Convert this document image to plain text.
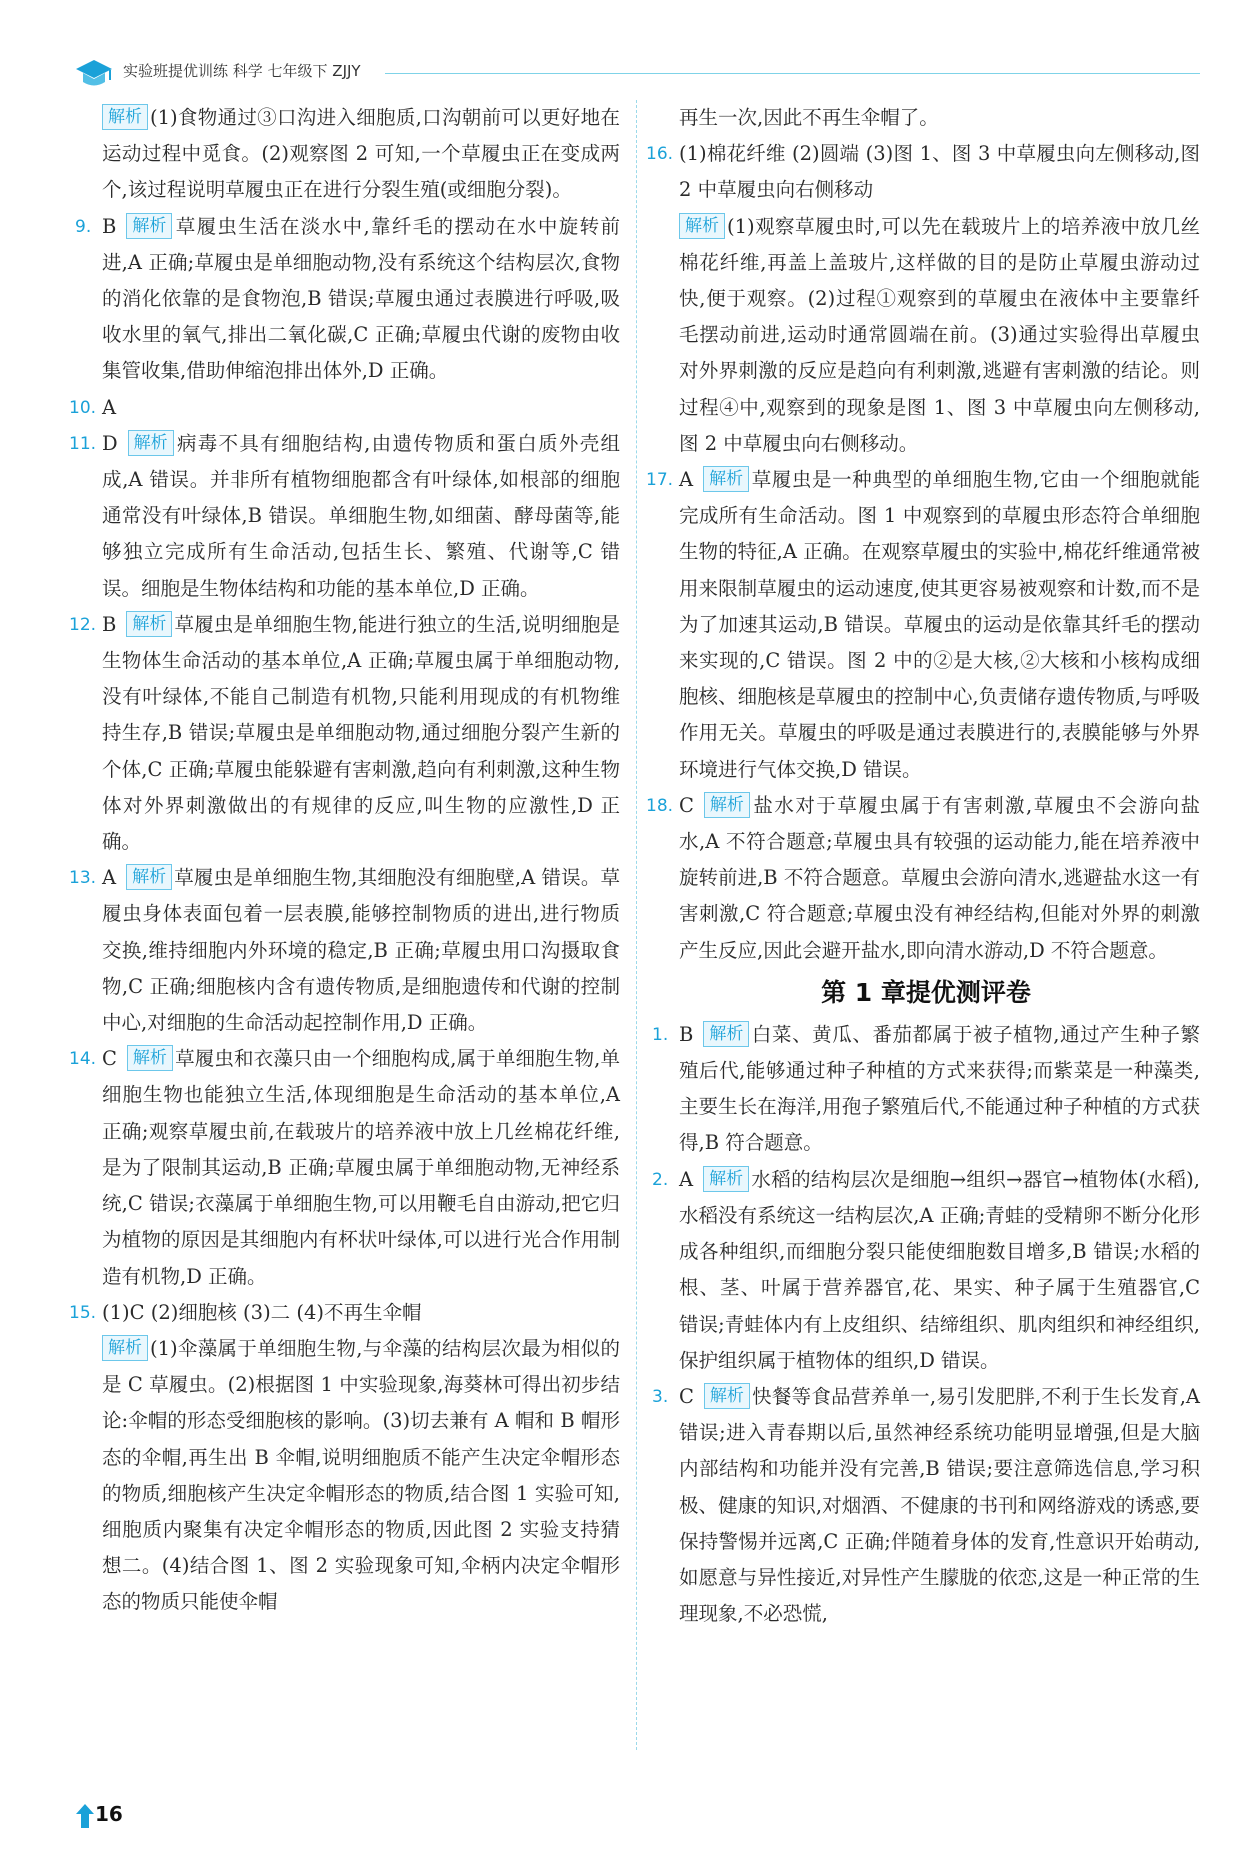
实验班提优训练 科学 七年级下 ZJJY

解析 (1)食物通过③口沟进入细胞质,口沟朝前可以更好地在运动过程中觅食。(2)观察图 2 可知,一个草履虫正在变成两个,该过程说明草履虫正在进行分裂生殖(或细胞分裂)。

9. B 解析 草履虫生活在淡水中,靠纤毛的摆动在水中旋转前进,A 正确;草履虫是单细胞动物,没有系统这个结构层次,食物的消化依靠的是食物泡,B 错误;草履虫通过表膜进行呼吸,吸收水里的氧气,排出二氧化碳,C 正确;草履虫代谢的废物由收集管收集,借助伸缩泡排出体外,D 正确。

10. A

11. D 解析 病毒不具有细胞结构,由遗传物质和蛋白质外壳组成,A 错误。并非所有植物细胞都含有叶绿体,如根部的细胞通常没有叶绿体,B 错误。单细胞生物,如细菌、酵母菌等,能够独立完成所有生命活动,包括生长、繁殖、代谢等,C 错误。细胞是生物体结构和功能的基本单位,D 正确。

12. B 解析 草履虫是单细胞生物,能进行独立的生活,说明细胞是生物体生命活动的基本单位,A 正确;草履虫属于单细胞动物,没有叶绿体,不能自己制造有机物,只能利用现成的有机物维持生存,B 错误;草履虫是单细胞动物,通过细胞分裂产生新的个体,C 正确;草履虫能躲避有害刺激,趋向有利刺激,这种生物体对外界刺激做出的有规律的反应,叫生物的应激性,D 正确。

13. A 解析 草履虫是单细胞生物,其细胞没有细胞壁,A 错误。草履虫身体表面包着一层表膜,能够控制物质的进出,进行物质交换,维持细胞内外环境的稳定,B 正确;草履虫用口沟摄取食物,C 正确;细胞核内含有遗传物质,是细胞遗传和代谢的控制中心,对细胞的生命活动起控制作用,D 正确。

14. C 解析 草履虫和衣藻只由一个细胞构成,属于单细胞生物,单细胞生物也能独立生活,体现细胞是生命活动的基本单位,A 正确;观察草履虫前,在载玻片的培养液中放上几丝棉花纤维,是为了限制其运动,B 正确;草履虫属于单细胞动物,无神经系统,C 错误;衣藻属于单细胞生物,可以用鞭毛自由游动,把它归为植物的原因是其细胞内有杯状叶绿体,可以进行光合作用制造有机物,D 正确。

15. (1)C (2)细胞核 (3)二 (4)不再生伞帽

解析 (1)伞藻属于单细胞生物,与伞藻的结构层次最为相似的是 C 草履虫。(2)根据图 1 中实验现象,海葵林可得出初步结论:伞帽的形态受细胞核的影响。(3)切去兼有 A 帽和 B 帽形态的伞帽,再生出 B 伞帽,说明细胞质不能产生决定伞帽形态的物质,细胞核产生决定伞帽形态的物质,结合图 1 实验可知,细胞质内聚集有决定伞帽形态的物质,因此图 2 实验支持猜想二。(4)结合图 1、图 2 实验现象可知,伞柄内决定伞帽形态的物质只能使伞帽

再生一次,因此不再生伞帽了。

16. (1)棉花纤维 (2)圆端 (3)图 1、图 3 中草履虫向左侧移动,图 2 中草履虫向右侧移动

解析 (1)观察草履虫时,可以先在载玻片上的培养液中放几丝棉花纤维,再盖上盖玻片,这样做的目的是防止草履虫游动过快,便于观察。(2)过程①观察到的草履虫在液体中主要靠纤毛摆动前进,运动时通常圆端在前。(3)通过实验得出草履虫对外界刺激的反应是趋向有利刺激,逃避有害刺激的结论。则过程④中,观察到的现象是图 1、图 3 中草履虫向左侧移动,图 2 中草履虫向右侧移动。

17. A 解析 草履虫是一种典型的单细胞生物,它由一个细胞就能完成所有生命活动。图 1 中观察到的草履虫形态符合单细胞生物的特征,A 正确。在观察草履虫的实验中,棉花纤维通常被用来限制草履虫的运动速度,使其更容易被观察和计数,而不是为了加速其运动,B 错误。草履虫的运动是依靠其纤毛的摆动来实现的,C 错误。图 2 中的②是大核,②大核和小核构成细胞核、细胞核是草履虫的控制中心,负责储存遗传物质,与呼吸作用无关。草履虫的呼吸是通过表膜进行的,表膜能够与外界环境进行气体交换,D 错误。

18. C 解析 盐水对于草履虫属于有害刺激,草履虫不会游向盐水,A 不符合题意;草履虫具有较强的运动能力,能在培养液中旋转前进,B 不符合题意。草履虫会游向清水,逃避盐水这一有害刺激,C 符合题意;草履虫没有神经结构,但能对外界的刺激产生反应,因此会避开盐水,即向清水游动,D 不符合题意。

第 1 章提优测评卷

1. B 解析 白菜、黄瓜、番茄都属于被子植物,通过产生种子繁殖后代,能够通过种子种植的方式来获得;而紫菜是一种藻类,主要生长在海洋,用孢子繁殖后代,不能通过种子种植的方式获得,B 符合题意。

2. A 解析 水稻的结构层次是细胞→组织→器官→植物体(水稻),水稻没有系统这一结构层次,A 正确;青蛙的受精卵不断分化形成各种组织,而细胞分裂只能使细胞数目增多,B 错误;水稻的根、茎、叶属于营养器官,花、果实、种子属于生殖器官,C 错误;青蛙体内有上皮组织、结缔组织、肌肉组织和神经组织,保护组织属于植物体的组织,D 错误。

3. C 解析 快餐等食品营养单一,易引发肥胖,不利于生长发育,A 错误;进入青春期以后,虽然神经系统功能明显增强,但是大脑内部结构和功能并没有完善,B 错误;要注意筛选信息,学习积极、健康的知识,对烟酒、不健康的书刊和网络游戏的诱惑,要保持警惕并远离,C 正确;伴随着身体的发育,性意识开始萌动,如愿意与异性接近,对异性产生朦胧的依恋,这是一种正常的生理现象,不必恐慌,

16
